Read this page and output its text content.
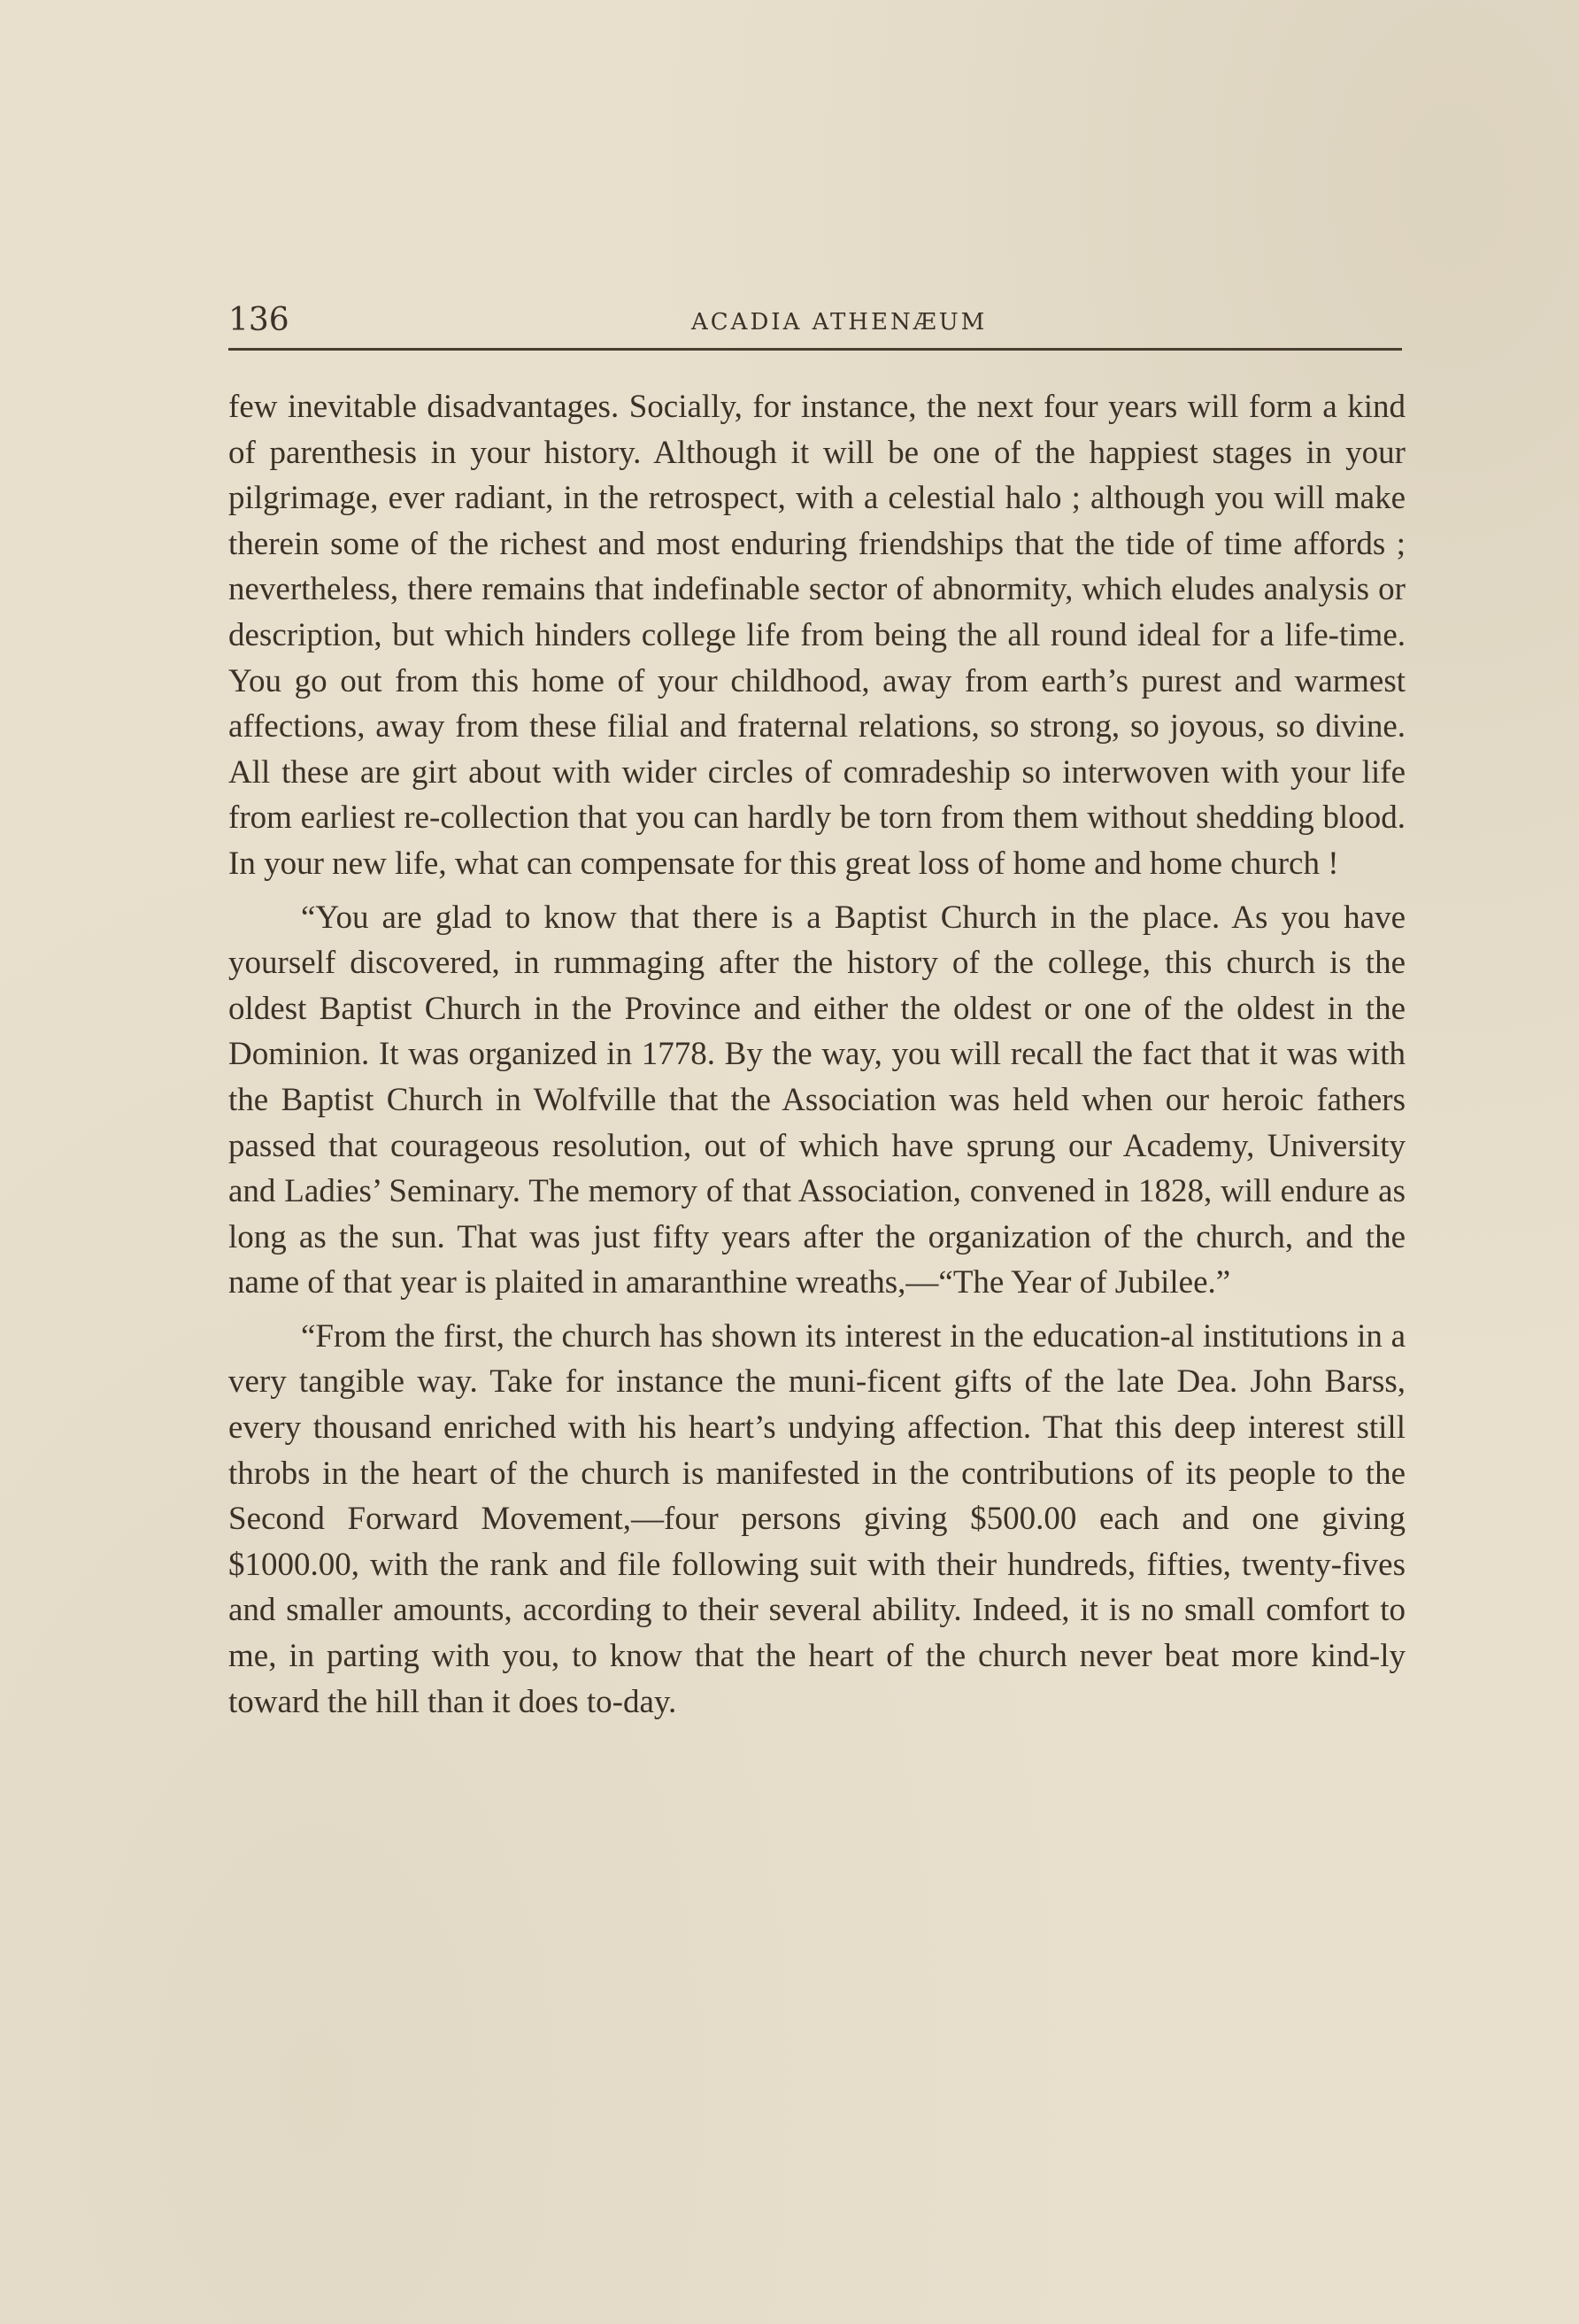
136	ACADIA ATHENÆUM

few inevitable disadvantages. Socially, for instance, the next four years will form a kind of parenthesis in your history. Although it will be one of the happiest stages in your pilgrimage, ever radiant, in the retrospect, with a celestial halo ; although you will make therein some of the richest and most enduring friendships that the tide of time affords ; nevertheless, there remains that indefinable sector of abnormity, which eludes analysis or description, but which hinders college life from being the all round ideal for a life-time. You go out from this home of your childhood, away from earth’s purest and warmest affections, away from these filial and fraternal relations, so strong, so joyous, so divine. All these are girt about with wider circles of comradeship so interwoven with your life from earliest re-collection that you can hardly be torn from them without shedding blood. In your new life, what can compensate for this great loss of home and home church !

“You are glad to know that there is a Baptist Church in the place. As you have yourself discovered, in rummaging after the history of the college, this church is the oldest Baptist Church in the Province and either the oldest or one of the oldest in the Dominion. It was organized in 1778. By the way, you will recall the fact that it was with the Baptist Church in Wolfville that the Association was held when our heroic fathers passed that courageous resolution, out of which have sprung our Academy, University and Ladies’ Seminary. The memory of that Association, convened in 1828, will endure as long as the sun. That was just fifty years after the organization of the church, and the name of that year is plaited in amaranthine wreaths,—“The Year of Jubilee.”

“From the first, the church has shown its interest in the education-al institutions in a very tangible way. Take for instance the muni-ficent gifts of the late Dea. John Barss, every thousand enriched with his heart’s undying affection. That this deep interest still throbs in the heart of the church is manifested in the contributions of its people to the Second Forward Movement,—four persons giving $500.00 each and one giving $1000.00, with the rank and file following suit with their hundreds, fifties, twenty-fives and smaller amounts, according to their several ability. Indeed, it is no small comfort to me, in parting with you, to know that the heart of the church never beat more kind-ly toward the hill than it does to-day.
